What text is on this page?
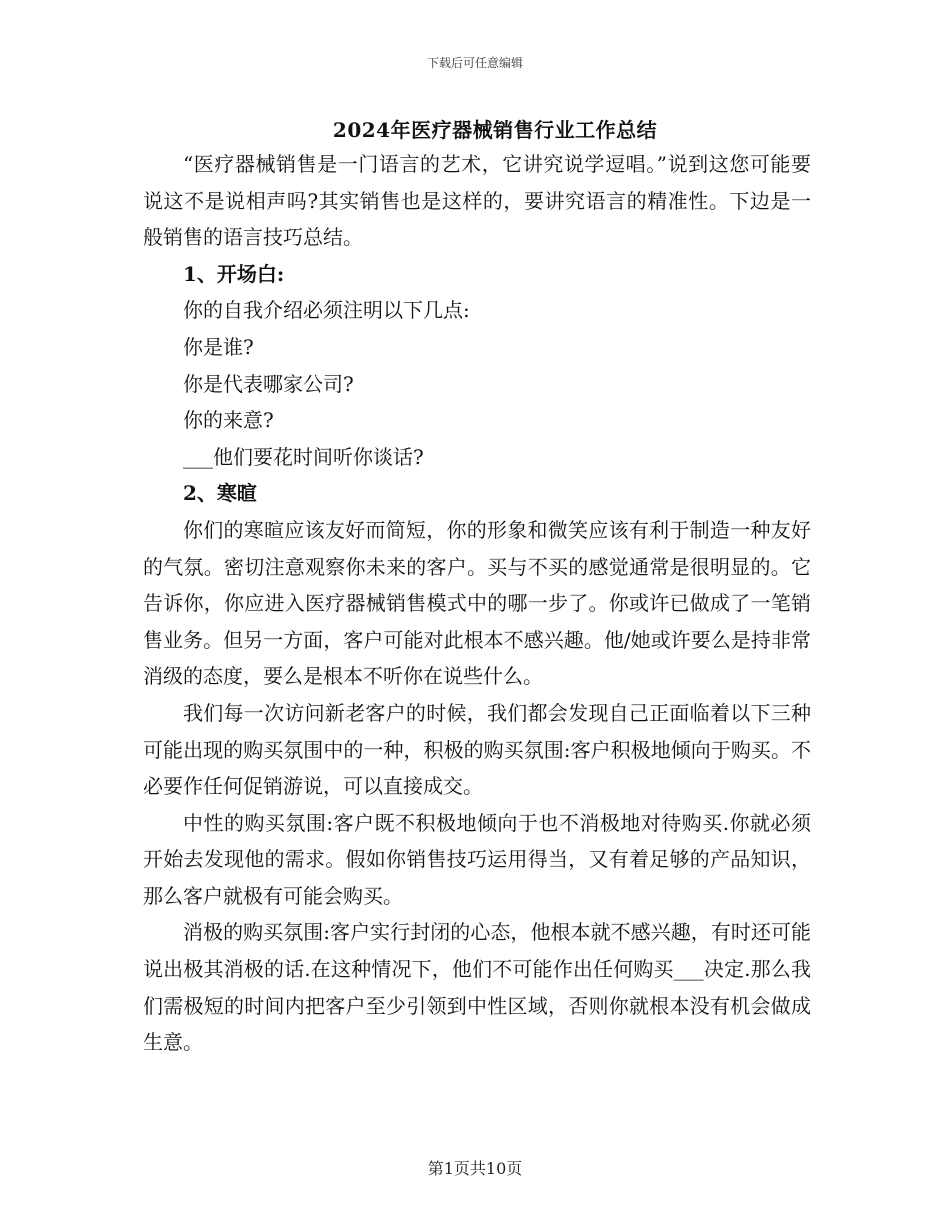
下载后可任意编辑
2024年医疗器械销售行业工作总结

“医疗器械销售是一门语言的艺术，它讲究说学逗唱。”说到这您可能要说这不是说相声吗?其实销售也是这样的，要讲究语言的精准性。下边是一般销售的语言技巧总结。

1、开场白:

你的自我介绍必须注明以下几点:

你是谁?

你是代表哪家公司?

你的来意?

___他们要花时间听你谈话?

2、寒暄

你们的寒暄应该友好而简短，你的形象和微笑应该有利于制造一种友好的气氛。密切注意观察你未来的客户。买与不买的感觉通常是很明显的。它告诉你，你应进入医疗器械销售模式中的哪一步了。你或许已做成了一笔销售业务。但另一方面，客户可能对此根本不感兴趣。他/她或许要么是持非常消级的态度，要么是根本不听你在说些什么。

我们每一次访问新老客户的时候，我们都会发现自己正面临着以下三种可能出现的购买氛围中的一种，积极的购买氛围:客户积极地倾向于购买。不必要作任何促销游说，可以直接成交。

中性的购买氛围:客户既不积极地倾向于也不消极地对待购买.你就必须开始去发现他的需求。假如你销售技巧运用得当，又有着足够的产品知识，那么客户就极有可能会购买。

消极的购买氛围:客户实行封闭的心态，他根本就不感兴趣，有时还可能说出极其消极的话.在这种情况下，他们不可能作出任何购买___决定.那么我们需极短的时间内把客户至少引领到中性区域，否则你就根本没有机会做成生意。

第1页共10页
